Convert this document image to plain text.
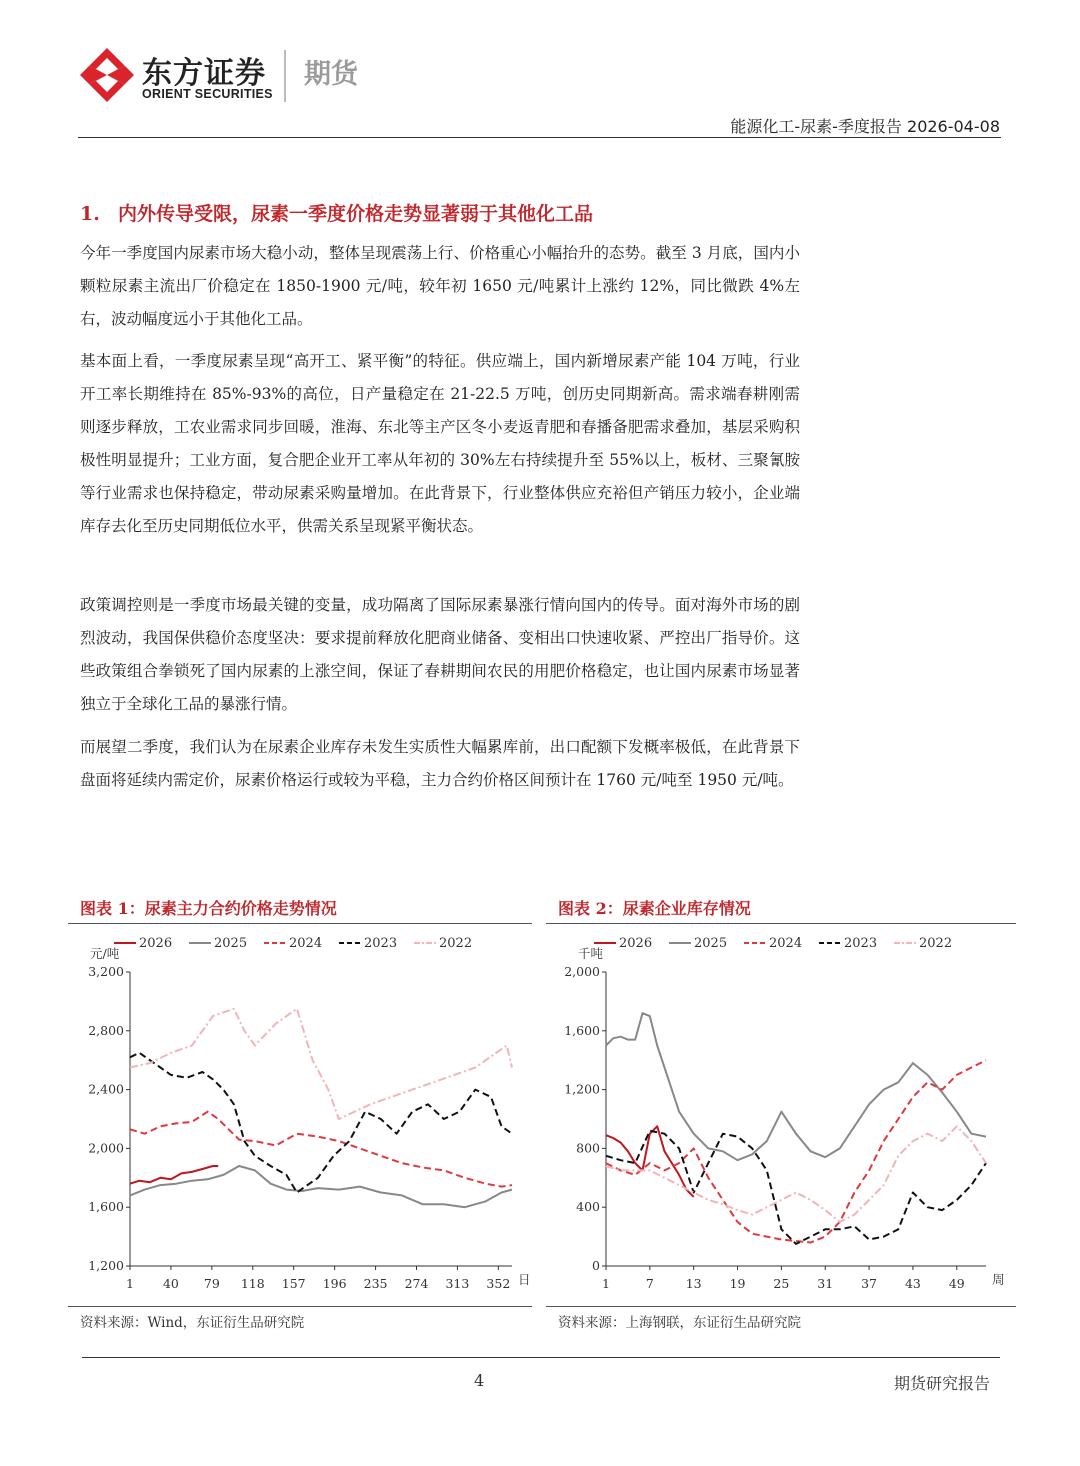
东方证券
ORIENT SECURITIES
期货
能源化工-尿素-季度报告 2026-04-08
1. 内外传导受限，尿素一季度价格走势显著弱于其他化工品

今年一季度国内尿素市场大稳小动，整体呈现震荡上行、价格重心小幅抬升的态势。截至 3 月底，国内小颗粒尿素主流出厂价稳定在 1850-1900 元/吨，较年初 1650 元/吨累计上涨约 12%，同比微跌 4%左右，波动幅度远小于其他化工品。

基本面上看，一季度尿素呈现“高开工、紧平衡”的特征。供应端上，国内新增尿素产能 104 万吨，行业开工率长期维持在 85%-93%的高位，日产量稳定在 21-22.5 万吨，创历史同期新高。需求端春耕刚需则逐步释放，工农业需求同步回暖，淮海、东北等主产区冬小麦返青肥和春播备肥需求叠加，基层采购积极性明显提升；工业方面，复合肥企业开工率从年初的 30%左右持续提升至 55%以上，板材、三聚氰胺等行业需求也保持稳定，带动尿素采购量增加。在此背景下，行业整体供应充裕但产销压力较小，企业端库存去化至历史同期低位水平，供需关系呈现紧平衡状态。

政策调控则是一季度市场最关键的变量，成功隔离了国际尿素暴涨行情向国内的传导。面对海外市场的剧烈波动，我国保供稳价态度坚决：要求提前释放化肥商业储备、变相出口快速收紧、严控出厂指导价。这些政策组合拳锁死了国内尿素的上涨空间，保证了春耕期间农民的用肥价格稳定，也让国内尿素市场显著独立于全球化工品的暴涨行情。

而展望二季度，我们认为在尿素企业库存未发生实质性大幅累库前，出口配额下发概率极低，在此背景下盘面将延续内需定价，尿素价格运行或较为平稳，主力合约价格区间预计在 1760 元/吨至 1950 元/吨。

图表 1：尿素主力合约价格走势情况
1,200
1,600
2,000
2,400
2,800
3,200
1 40 79 118 157 196 235 274 313 352
元/吨
日
2026	2025	2024	2023	2022
资料来源：Wind，东证衍生品研究院
图表 2：尿素企业库存情况
0
400
800
1,200
1,600
2,000
1	7	13 19 25 31 37 43 49
千吨
周
2026	2025	2024	2023	2022
资料来源：上海钢联，东证衍生品研究院
4	期货研究报告
